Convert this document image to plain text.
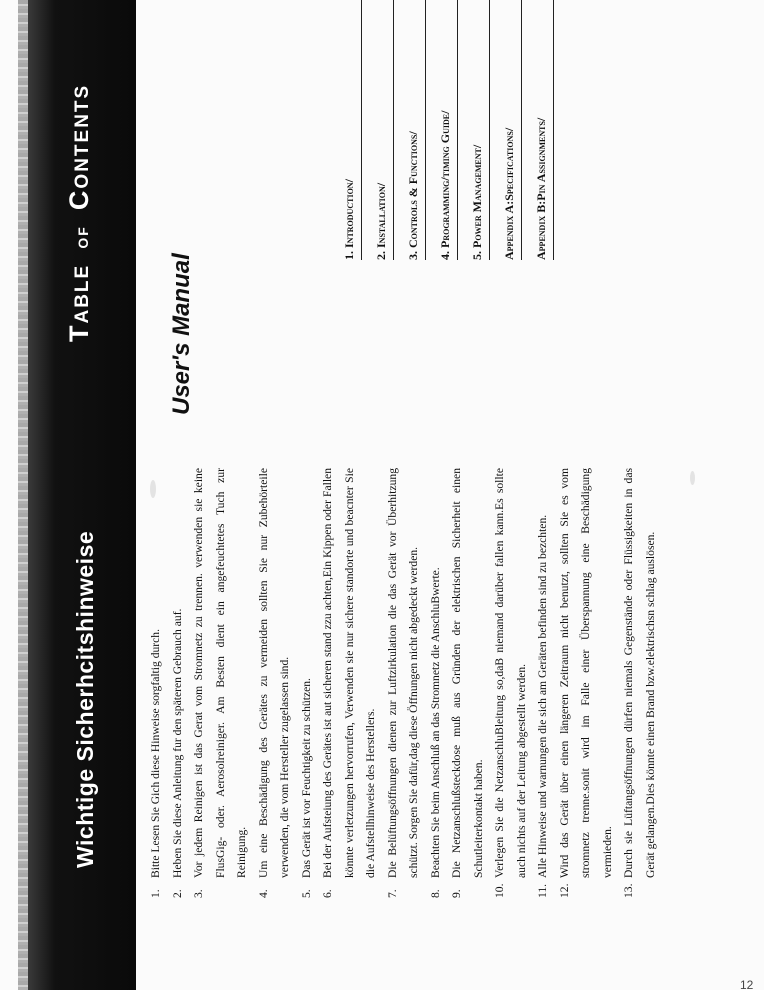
Wichtige Sicherhcitshinweise
Table  of  Contents
1.
Bitte Lesen Sie Gich diese Hinweise sorgfaltig durch.
2.
Heben Sie diese Anleitung fur den späteren Gebrauch auf.
3.
Vor jedem Reinigen ist das Gerat vom Stromnetz zu trennen. verwenden sie keine FlusGig- oder. Aerosolreiniger. Am Besten dient ein angefeuchtetes Tuch zur Reinigung.
4.
Um eine Beschädigung des Gerätes zu vermeiden sollten Sie nur Zubehörteile verwenden, die vom Hersteller zugelassen sind.
5.
Das Gerät ist vor Feuchtigkeit zu schützen.
6.
Bei der Aufsteiung des Gerätes ist aut sicheren stand zzu achten,Ein Kippen oder Fallen könnte verletzungen hervorrufen, Verwenden sie nur sichere standorte und beacnter Sie die Aufstellhinweise des Herstellers.
7.
Die Belüftungsöffnungen dienen zur Luftzirkulation die das Gerät vor Überhitzung schützt. Sorgen Sie dafür,dag diese Öffnungen nicht abgedeckt werden.
8.
Beachten Sie beim Anschluß an das Stromnetz die AnschluBwerte.
9.
Die Netzanschlußsteckdose muß aus Gründen der elektrischen Sicherheit einen Schutleiterkontakt haben.
10.
Verlegen Sie die NetzanschluBleitung so,daB niemand darüber fallen kann.Es sollte auch nichts auf der Leitung abgestellt werden.
11.
Alle Hinweise und warnungen die sich am Geräten befinden sind zu bezchten.
12.
Wird das Gerät über einen längeren Zeitraum nicht benutzt, sollten Sie es vom stromnetz trenne.sonit wird im Falle einer Überspannung eine Beschädigung vermieden.
13.
Durch sie Lüftangsöffnungen dürfen niemals Gegenstände oder Flüssigkeiten in das Gerät gelangen.Dies könnte einen Brand bzw.elektrischsn schlag auslösen.
User's Manual
1. Introduction/	2. Installation/	3. Controls & Functions/	4. Programming/timing Guide/	5. Power Management/	Appendix A:Specifications/	Appendix B:Pin Assignments/
12
